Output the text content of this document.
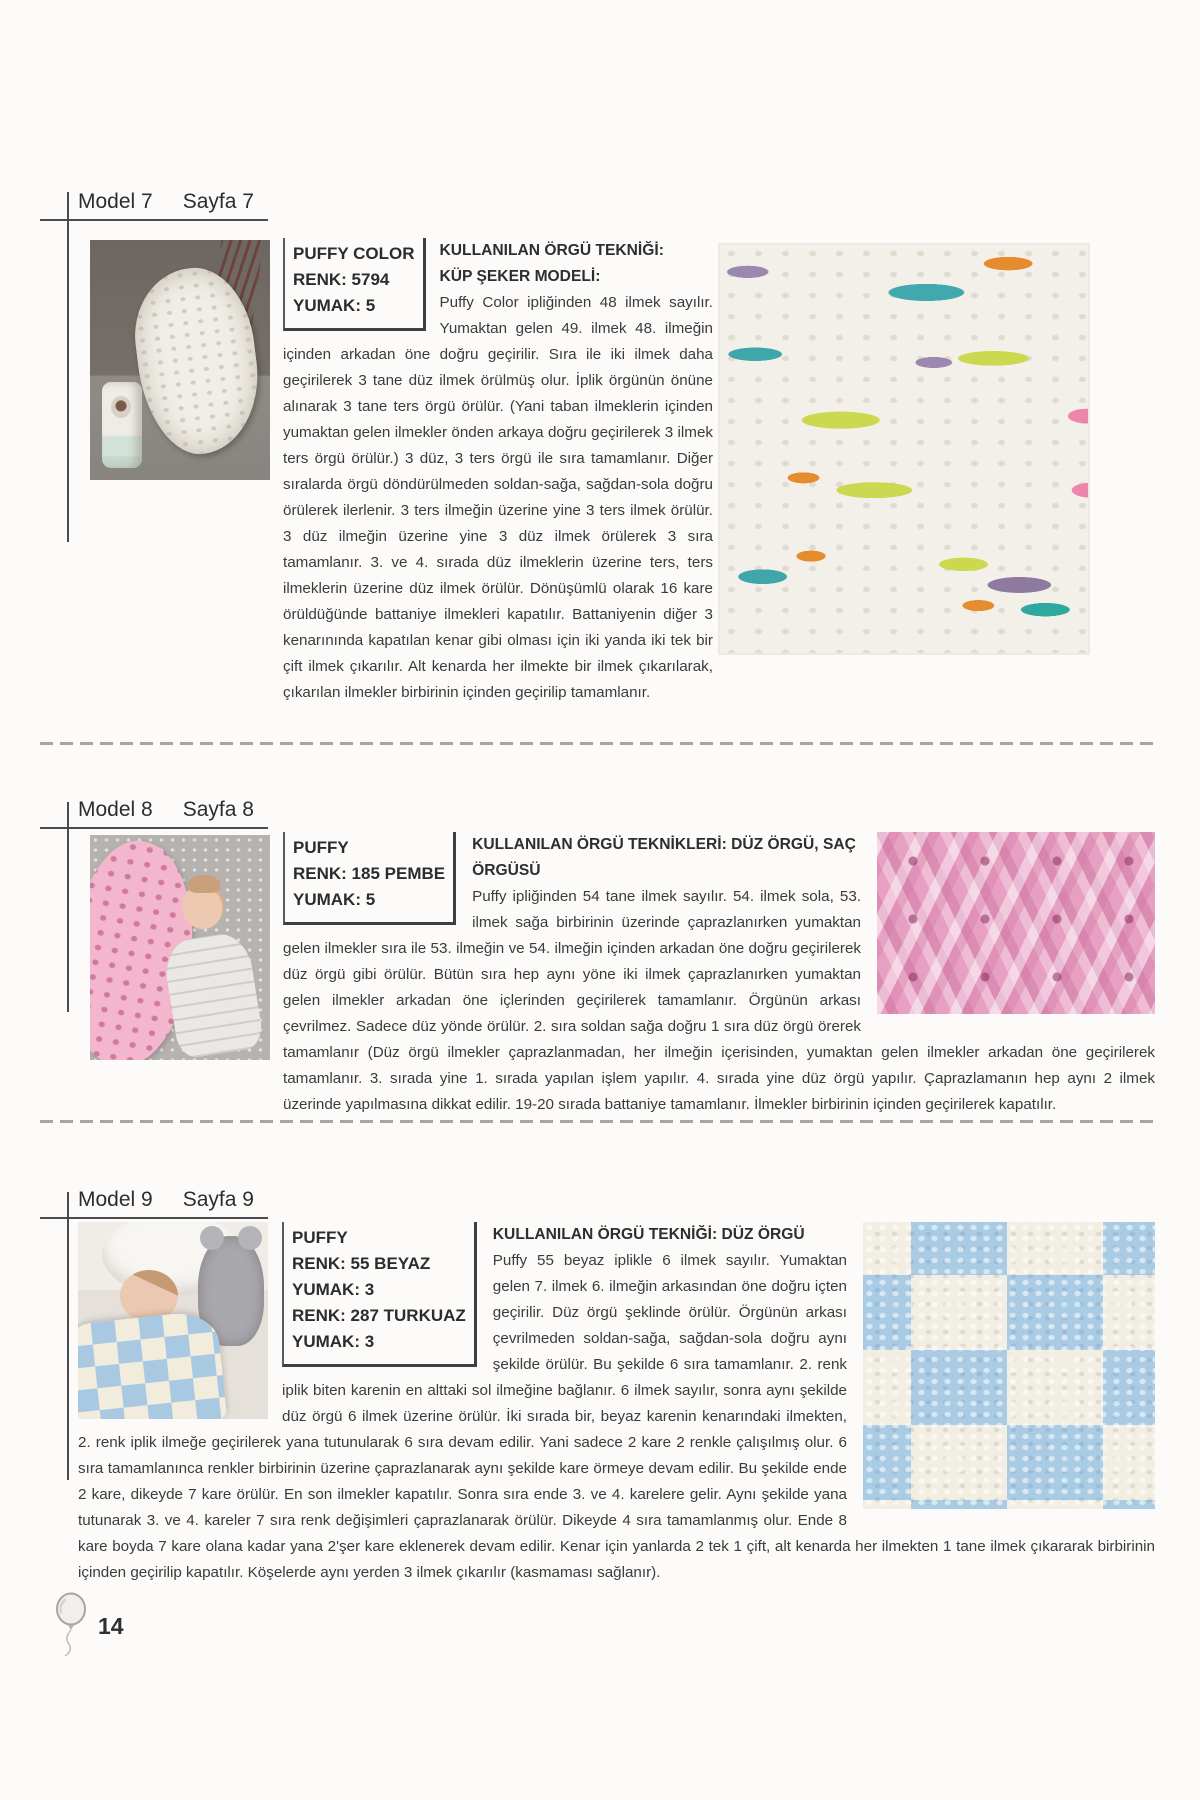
Model 7 Sayfa 7
PUFFY COLOR
RENK: 5794
YUMAK: 5
KULLANILAN ÖRGÜ TEKNİĞİ:
KÜP ŞEKER MODELİ:

Puffy Color ipliğinden 48 ilmek sayılır. Yumaktan gelen 49. ilmek 48. ilmeğin içinden arkadan öne doğru geçirilir. Sıra ile iki ilmek daha geçirilerek 3 tane düz ilmek örülmüş olur. İplik örgünün önüne alınarak 3 tane ters örgü örülür. (Yani taban ilmeklerin içinden yumaktan gelen ilmekler önden arkaya doğru geçirilerek 3 ilmek ters örgü örülür.) 3 düz, 3 ters örgü ile sıra tamamlanır. Diğer sıralarda örgü döndürülmeden soldan-sağa, sağdan-sola doğru örülerek ilerlenir. 3 ters ilmeğin üzerine yine 3 ters ilmek örülür. 3 düz ilmeğin üzerine yine 3 düz ilmek örülerek 3 sıra tamamlanır. 3. ve 4. sırada düz ilmeklerin üzerine ters, ters ilmeklerin üzerine düz ilmek örülür. Dönüşümlü olarak 16 kare örüldüğünde battaniye ilmekleri kapatılır. Battaniyenin diğer 3 kenarınında kapatılan kenar gibi olması için iki yanda iki tek bir çift ilmek çıkarılır. Alt kenarda her ilmekte bir ilmek çıkarılarak, çıkarılan ilmekler birbirinin içinden geçirilip tamamlanır.

Model 8 Sayfa 8
PUFFY
RENK: 185 PEMBE
YUMAK: 5
KULLANILAN ÖRGÜ TEKNİKLERİ: DÜZ ÖRGÜ, SAÇ ÖRGÜSÜ

Puffy ipliğinden 54 tane ilmek sayılır. 54. ilmek sola, 53. ilmek sağa birbirinin üzerinde çaprazlanırken yumaktan gelen ilmekler sıra ile 53. ilmeğin ve 54. ilmeğin içinden arkadan öne doğru geçirilerek düz örgü gibi örülür. Bütün sıra hep aynı yöne iki ilmek çaprazlanırken yumaktan gelen ilmekler arkadan öne içlerinden geçirilerek tamamlanır. Örgünün arkası çevrilmez. Sadece düz yönde örülür. 2. sıra soldan sağa doğru 1 sıra düz örgü örerek tamamlanır (Düz örgü ilmekler çaprazlanmadan, her ilmeğin içerisinden, yumaktan gelen ilmekler arkadan öne geçirilerek tamamlanır. 3. sırada yine 1. sırada yapılan işlem yapılır. 4. sırada yine düz örgü yapılır. Çaprazlamanın hep aynı 2 ilmek üzerinde yapılmasına dikkat edilir. 19-20 sırada battaniye tamamlanır. İlmekler birbirinin içinden geçirilerek kapatılır.

Model 9 Sayfa 9
PUFFY
RENK: 55 BEYAZ
YUMAK: 3
RENK: 287 TURKUAZ
YUMAK: 3
KULLANILAN ÖRGÜ TEKNİĞİ: DÜZ ÖRGÜ

Puffy 55 beyaz iplikle 6 ilmek sayılır. Yumaktan gelen 7. ilmek 6. ilmeğin arkasından öne doğru içten geçirilir. Düz örgü şeklinde örülür. Örgünün arkası çevrilmeden soldan-sağa, sağdan-sola doğru aynı şekilde örülür. Bu şekilde 6 sıra tamamlanır. 2. renk iplik biten karenin en alttaki sol ilmeğine bağlanır. 6 ilmek sayılır, sonra aynı şekilde düz örgü 6 ilmek üzerine örülür. İki sırada bir, beyaz karenin kenarındaki ilmekten, 2. renk iplik ilmeğe geçirilerek yana tutunularak 6 sıra devam edilir. Yani sadece 2 kare 2 renkle çalışılmış olur. 6 sıra tamamlanınca renkler birbirinin üzerine çaprazlanarak aynı şekilde kare örmeye devam edilir. Bu şekilde ende 2 kare, dikeyde 7 kare örülür. En son ilmekler kapatılır. Sonra sıra ende 3. ve 4. karelere gelir. Aynı şekilde yana tutunarak 3. ve 4. kareler 7 sıra renk değişimleri çaprazlanarak örülür. Dikeyde 4 sıra tamamlanmış olur. Ende 8 kare boyda 7 kare olana kadar yana 2'şer kare eklenerek devam edilir. Kenar için yanlarda 2 tek 1 çift, alt kenarda her ilmekten 1 tane ilmek çıkararak birbirinin içinden geçirilip kapatılır. Köşelerde aynı yerden 3 ilmek çıkarılır (kasmaması sağlanır).

14
